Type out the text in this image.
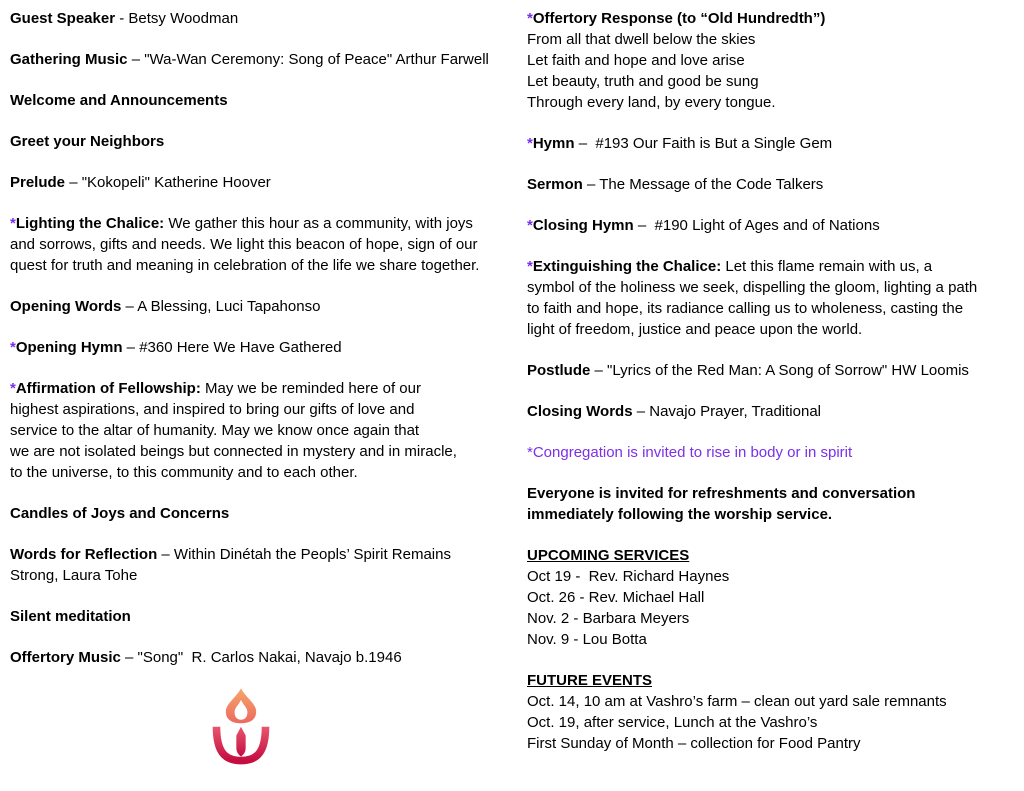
Guest Speaker - Betsy Woodman
Gathering Music – "Wa-Wan Ceremony: Song of Peace" Arthur Farwell
Welcome and Announcements
Greet your Neighbors
Prelude – "Kokopeli" Katherine Hoover
*Lighting the Chalice: We gather this hour as a community, with joys
and sorrows, gifts and needs. We light this beacon of hope, sign of our
quest for truth and meaning in celebration of the life we share together.
Opening Words – A Blessing, Luci Tapahonso
*Opening Hymn – #360 Here We Have Gathered
*Affirmation of Fellowship: May we be reminded here of our
highest aspirations, and inspired to bring our gifts of love and
service to the altar of humanity. May we know once again that
we are not isolated beings but connected in mystery and in miracle,
to the universe, to this community and to each other.
Candles of Joys and Concerns
Words for Reflection – Within Dinétah the Peopls’ Spirit Remains
Strong, Laura Tohe
Silent meditation
Offertory Music – "Song"  R. Carlos Nakai, Navajo b.1946
*Offertory Response (to “Old Hundredth”)
From all that dwell below the skies
Let faith and hope and love arise
Let beauty, truth and good be sung
Through every land, by every tongue.
*Hymn –  #193 Our Faith is But a Single Gem
Sermon – The Message of the Code Talkers
*Closing Hymn –  #190 Light of Ages and of Nations
*Extinguishing the Chalice: Let this flame remain with us, a
symbol of the holiness we seek, dispelling the gloom, lighting a path
to faith and hope, its radiance calling us to wholeness, casting the
light of freedom, justice and peace upon the world.
Postlude – "Lyrics of the Red Man: A Song of Sorrow" HW Loomis
Closing Words – Navajo Prayer, Traditional
*Congregation is invited to rise in body or in spirit
Everyone is invited for refreshments and conversation
immediately following the worship service.
UPCOMING SERVICES
Oct 19 -  Rev. Richard Haynes
Oct. 26 - Rev. Michael Hall
Nov. 2 - Barbara Meyers
Nov. 9 - Lou Botta
FUTURE EVENTS
Oct. 14, 10 am at Vashro’s farm – clean out yard sale remnants
Oct. 19, after service, Lunch at the Vashro’s
First Sunday of Month – collection for Food Pantry
